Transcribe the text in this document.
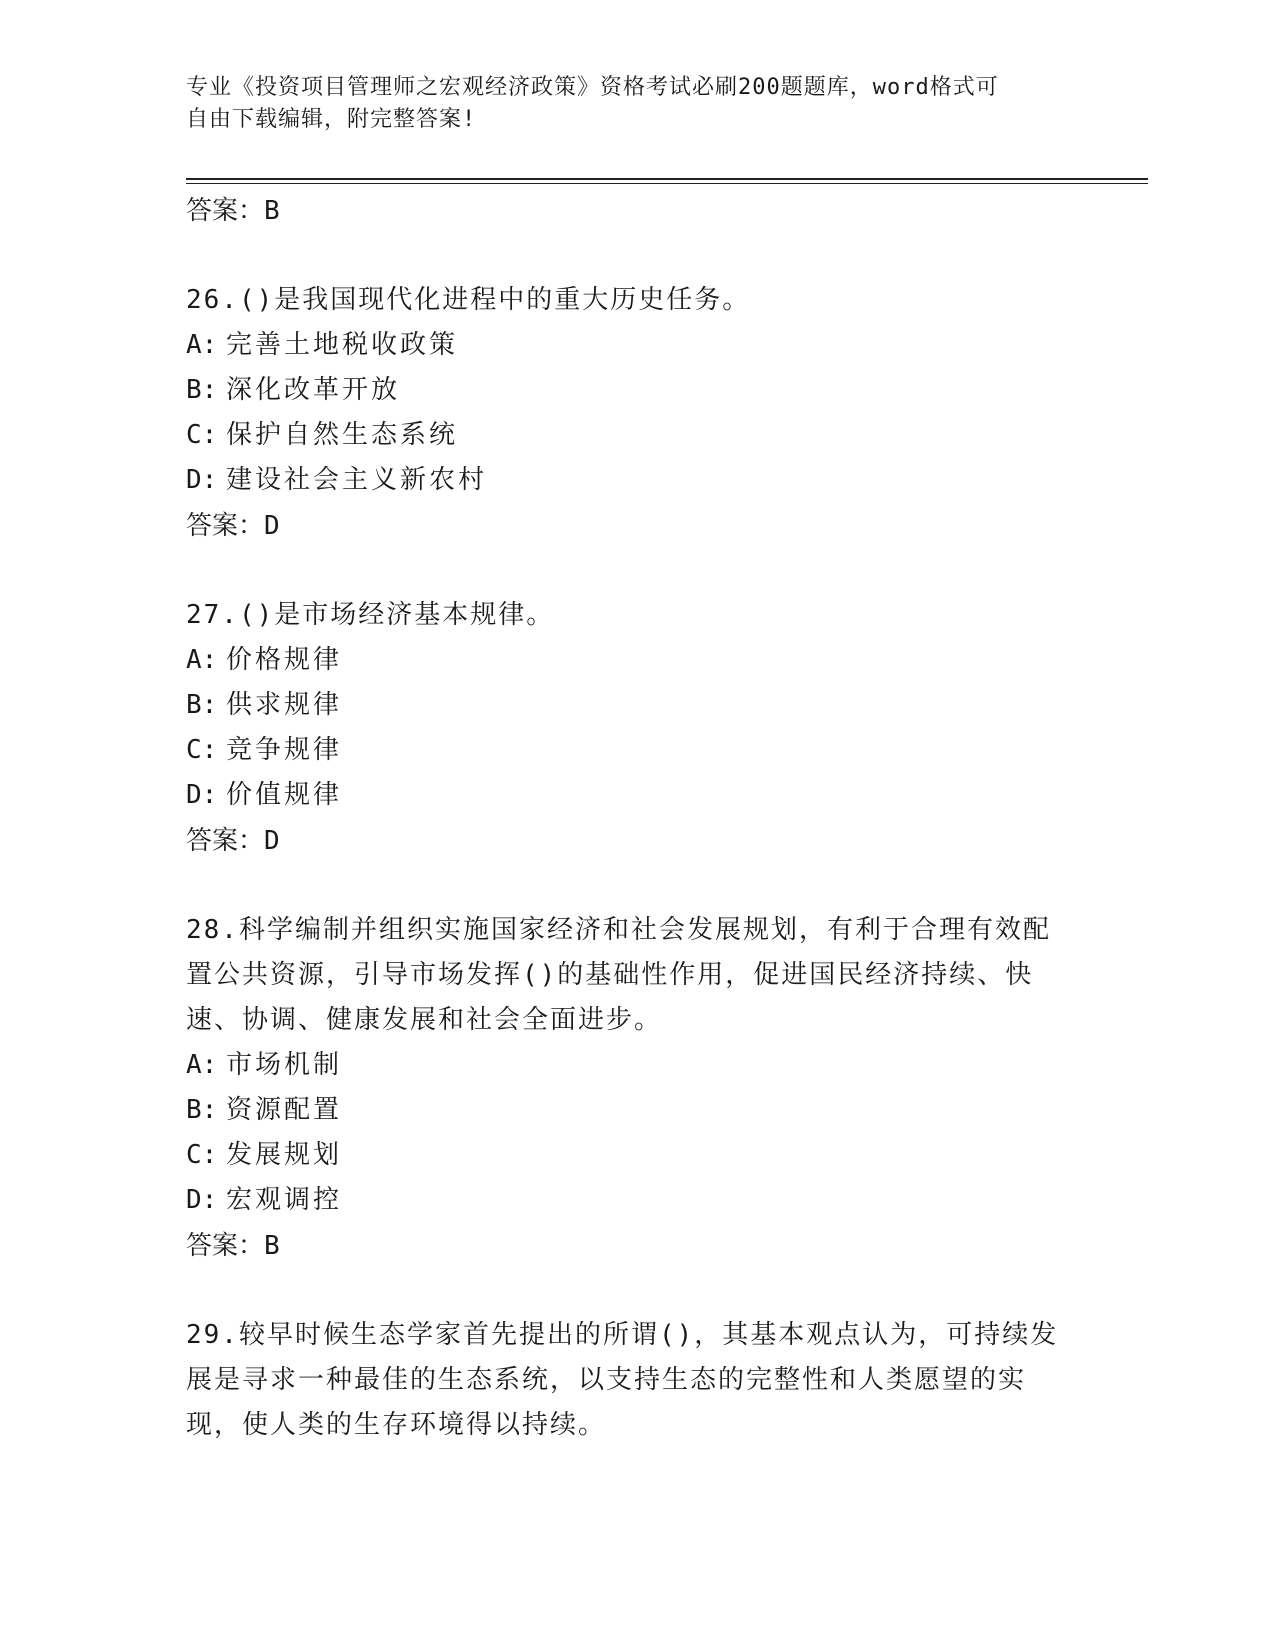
专业《投资项目管理师之宏观经济政策》资格考试必刷200题题库，word格式可
自由下载编辑，附完整答案!
答案：B
26.()是我国现代化进程中的重大历史任务。
A: 完善土地税收政策
B: 深化改革开放
C: 保护自然生态系统
D: 建设社会主义新农村
答案：D
27.()是市场经济基本规律。
A: 价格规律
B: 供求规律
C: 竞争规律
D: 价值规律
答案：D
28.科学编制并组织实施国家经济和社会发展规划，有利于合理有效配
置公共资源，引导市场发挥()的基础性作用，促进国民经济持续、快
速、协调、健康发展和社会全面进步。
A: 市场机制
B: 资源配置
C: 发展规划
D: 宏观调控
答案：B
29.较早时候生态学家首先提出的所谓()，其基本观点认为，可持续发
展是寻求一种最佳的生态系统，以支持生态的完整性和人类愿望的实
现，使人类的生存环境得以持续。
